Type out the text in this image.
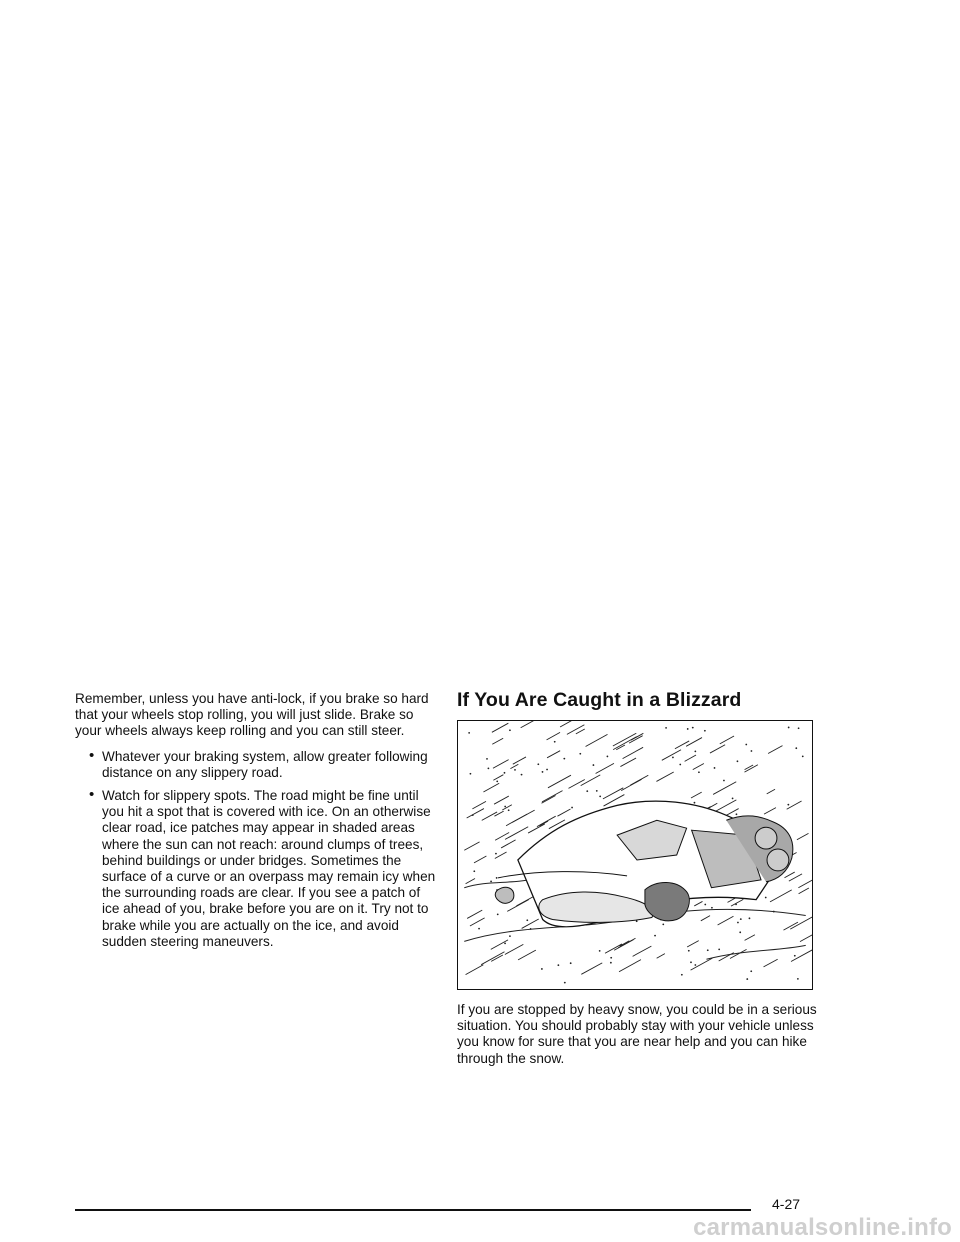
Remember, unless you have anti-lock, if you brake so hard that your wheels stop rolling, you will just slide. Brake so your wheels always keep rolling and you can still steer.

• Whatever your braking system, allow greater following distance on any slippery road.
• Watch for slippery spots. The road might be fine until you hit a spot that is covered with ice. On an otherwise clear road, ice patches may appear in shaded areas where the sun can not reach: around clumps of trees, behind buildings or under bridges. Sometimes the surface of a curve or an overpass may remain icy when the surrounding roads are clear. If you see a patch of ice ahead of you, brake before you are on it. Try not to brake while you are actually on the ice, and avoid sudden steering maneuvers.
If You Are Caught in a Blizzard

If you are stopped by heavy snow, you could be in a serious situation. You should probably stay with your vehicle unless you know for sure that you are near help and you can hike through the snow.

4-27
carmanualsonline.info
